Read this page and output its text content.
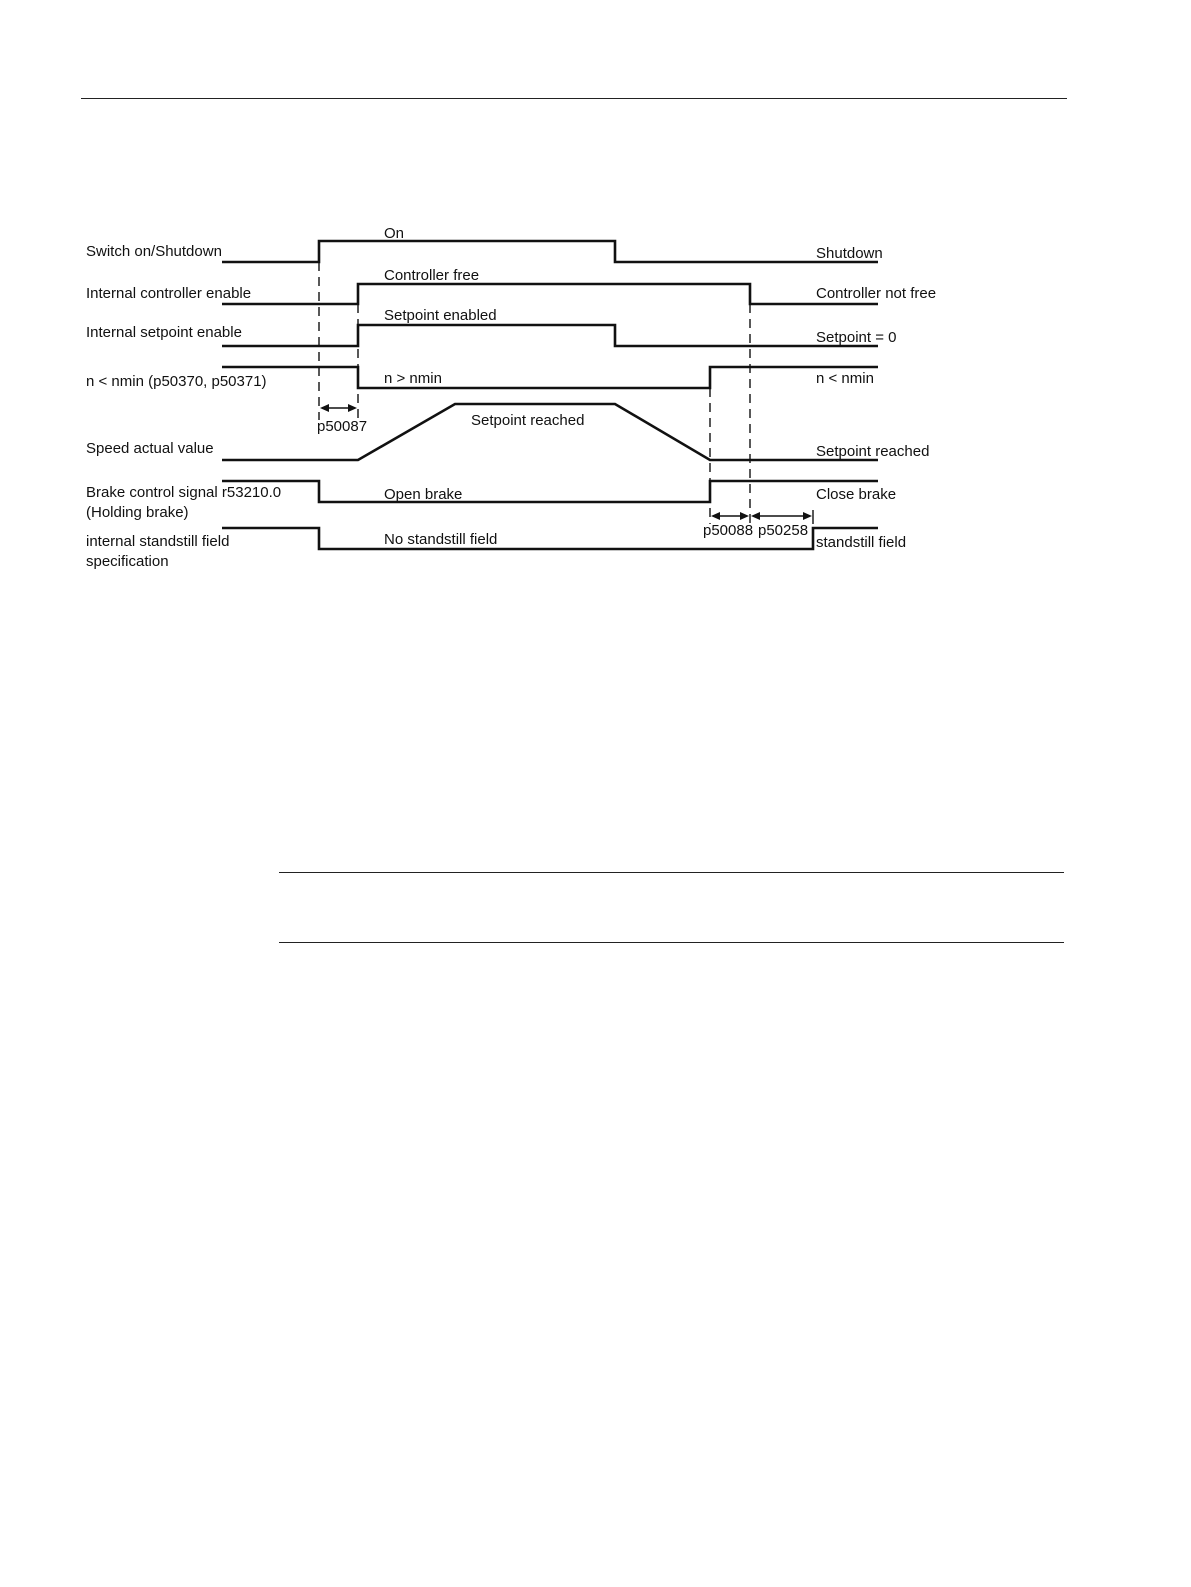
Switch on/Shutdown
Internal controller enable
Internal setpoint enable
n < nmin (p50370, p50371)
Speed actual value
Brake control signal r53210.0
(Holding brake)
internal standstill field
specification
On
Controller free
Setpoint enabled
n > nmin
Setpoint reached
Open brake
No standstill field
Shutdown
Controller not free
Setpoint = 0
n < nmin
Setpoint reached
Close brake
standstill field
p50087
p50088 p50258
